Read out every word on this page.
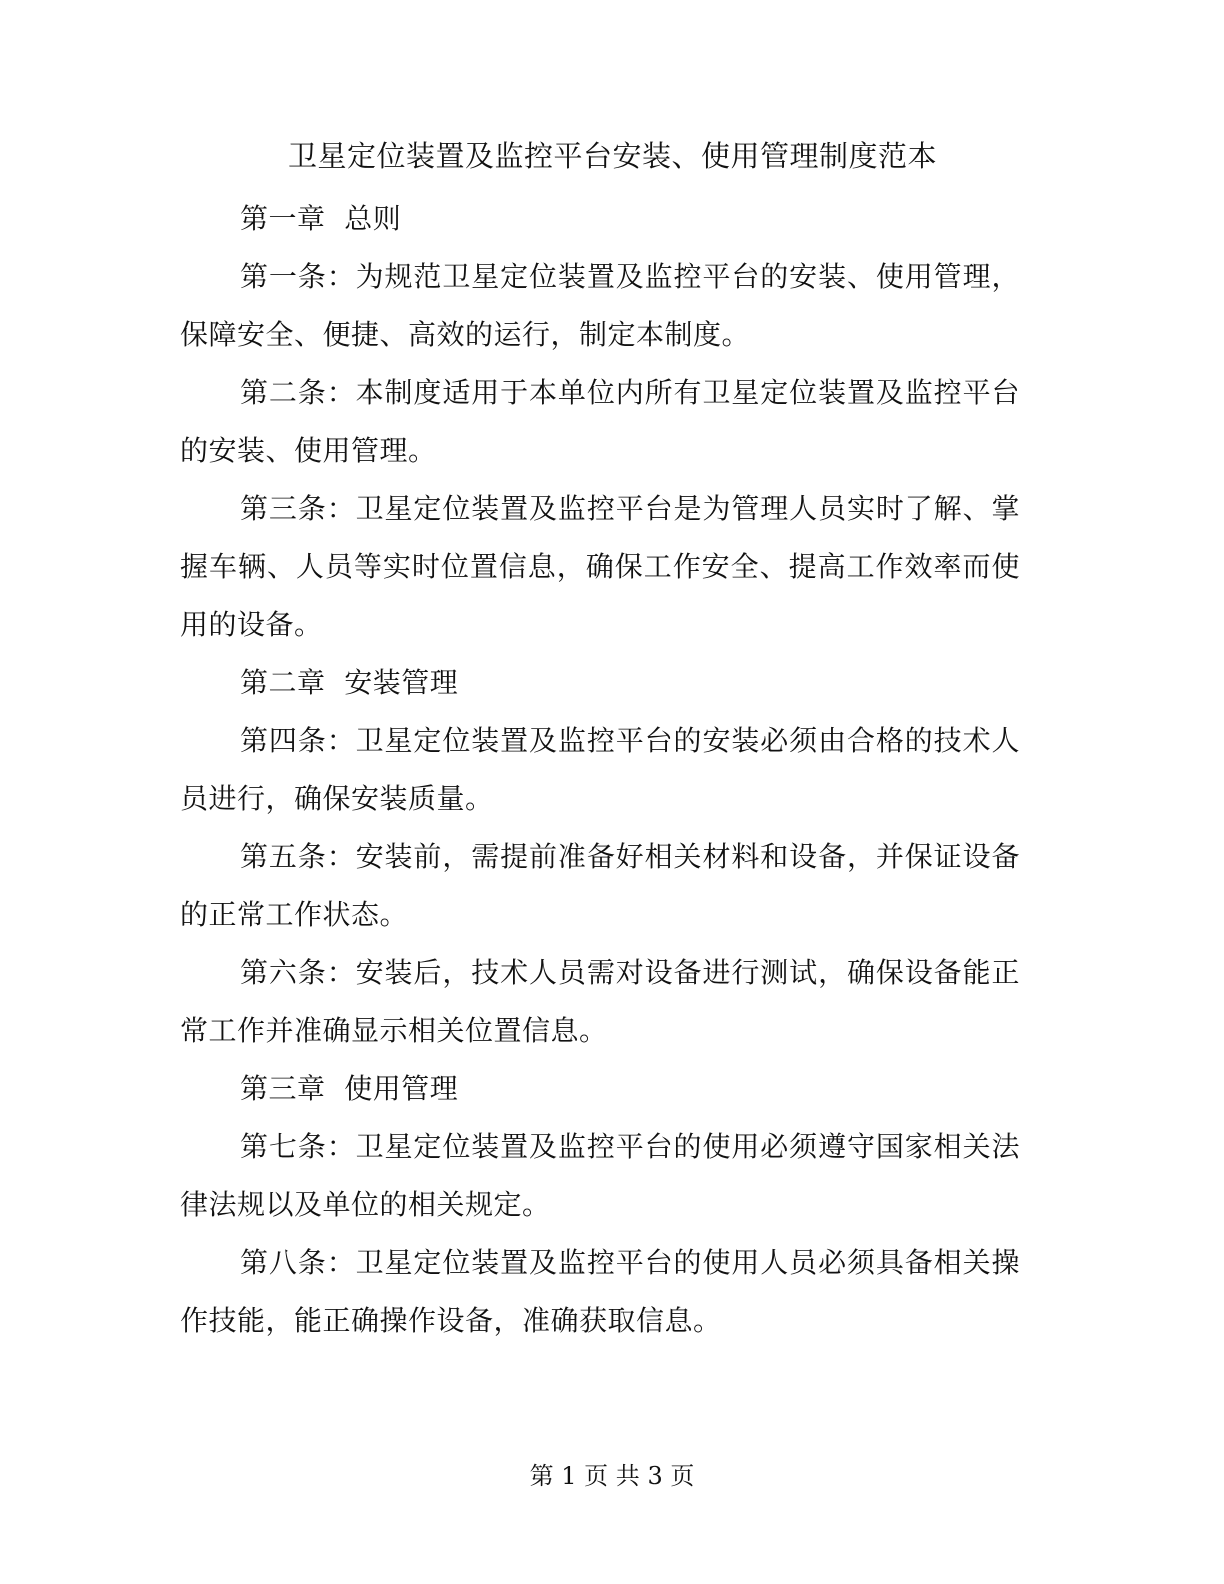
卫星定位装置及监控平台安装、使用管理制度范本

第一章  总则

第一条：为规范卫星定位装置及监控平台的安装、使用管理，保障安全、便捷、高效的运行，制定本制度。

第二条：本制度适用于本单位内所有卫星定位装置及监控平台的安装、使用管理。

第三条：卫星定位装置及监控平台是为管理人员实时了解、掌握车辆、人员等实时位置信息，确保工作安全、提高工作效率而使用的设备。

第二章  安装管理

第四条：卫星定位装置及监控平台的安装必须由合格的技术人员进行，确保安装质量。

第五条：安装前，需提前准备好相关材料和设备，并保证设备的正常工作状态。

第六条：安装后，技术人员需对设备进行测试，确保设备能正常工作并准确显示相关位置信息。

第三章  使用管理

第七条：卫星定位装置及监控平台的使用必须遵守国家相关法律法规以及单位的相关规定。

第八条：卫星定位装置及监控平台的使用人员必须具备相关操作技能，能正确操作设备，准确获取信息。

第 1 页 共 3 页
